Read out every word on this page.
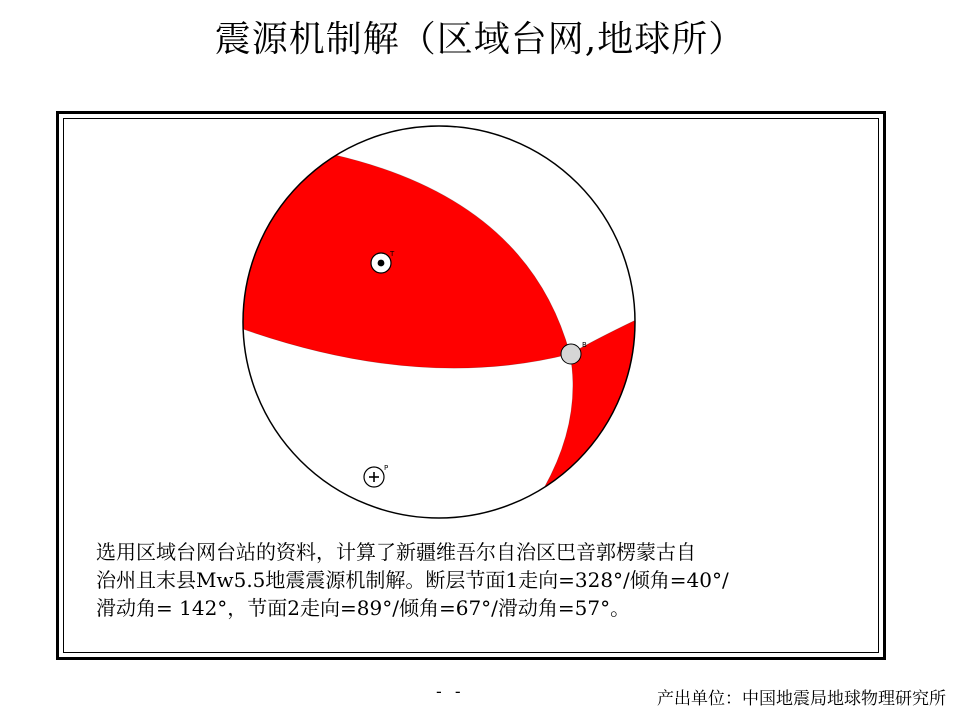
震源机制解（区域台网,地球所）
T
B
P
选用区域台网台站的资料，计算了新疆维吾尔自治区巴音郭楞蒙古自
治州且末县Mw5.5地震震源机制解。断层节面1走向=328°/倾角=40°/
滑动角= 142°，节面2走向=89°/倾角=67°/滑动角=57°。
- -	产出单位：中国地震局地球物理研究所
